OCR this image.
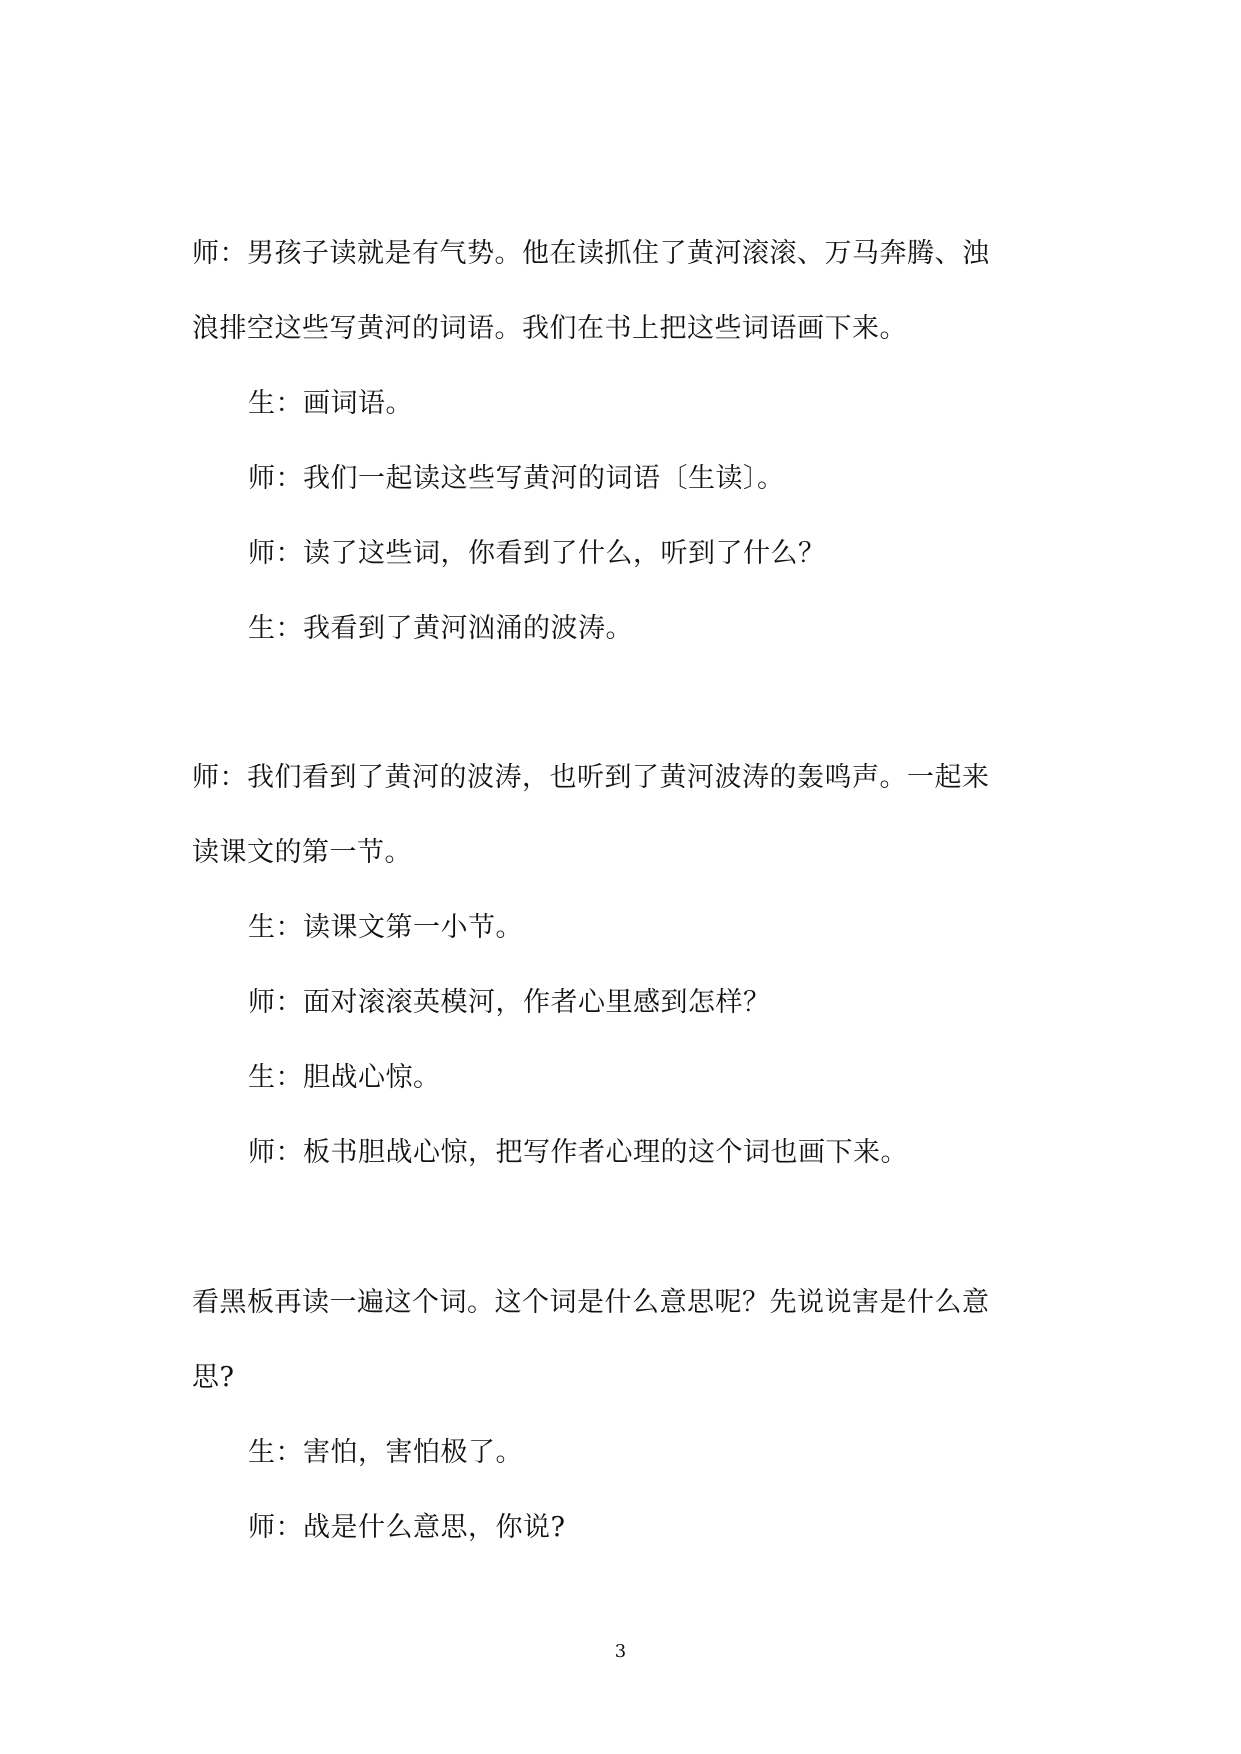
师：男孩子读就是有气势。他在读抓住了黄河滚滚、万马奔腾、浊
浪排空这些写黄河的词语。我们在书上把这些词语画下来。
生：画词语。
师：我们一起读这些写黄河的词语〔生读〕。
师：读了这些词，你看到了什么，听到了什么？
生：我看到了黄河汹涌的波涛。
师：我们看到了黄河的波涛，也听到了黄河波涛的轰鸣声。一起来
读课文的第一节。
生：读课文第一小节。
师：面对滚滚英模河，作者心里感到怎样？
生：胆战心惊。
师：板书胆战心惊，把写作者心理的这个词也画下来。
看黑板再读一遍这个词。这个词是什么意思呢？先说说害是什么意
思?
生：害怕，害怕极了。
师：战是什么意思，你说?
3
